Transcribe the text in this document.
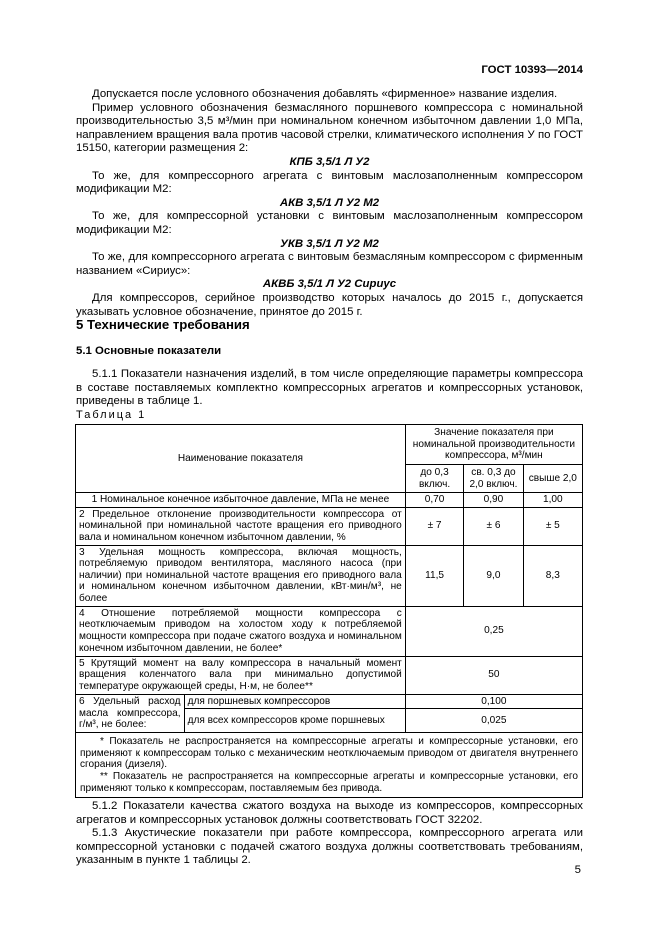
ГОСТ 10393—2014

Допускается после условного обозначения добавлять «фирменное» название изделия.

Пример условного обозначения безмасляного поршневого компрессора с номинальной производительностью 3,5 м³/мин при номинальном конечном избыточном давлении 1,0 МПа, направлением вращения вала против часовой стрелки, климатического исполнения У по ГОСТ 15150, категории размещения 2:

КПБ 3,5/1 Л У2

То же, для компрессорного агрегата с винтовым маслозаполненным компрессором модификации М2:

АКВ 3,5/1 Л У2 М2

То же, для компрессорной установки с винтовым маслозаполненным компрессором модификации М2:

УКВ 3,5/1 Л У2 М2

То же, для компрессорного агрегата с винтовым безмасляным компрессором с фирменным названием «Сириус»:

АКВБ 3,5/1 Л У2 Сириус

Для компрессоров, серийное производство которых началось до 2015 г., допускается указывать условное обозначение, принятое до 2015 г.

5 Технические требования
5.1 Основные показатели

5.1.1 Показатели назначения изделий, в том числе определяющие параметры компрессора в составе поставляемых комплектно компрессорных агрегатов и компрессорных установок, приведены в таблице 1.

Таблица 1
Наименование показателя		Значение показателя при номинальной производительности компрессора, м³/мин		
		до 0,3 включ.	св. 0,3 до 2,0 включ.	свыше 2,0
1 Номинальное конечное избыточное давление, МПа не менее		0,70	0,90	1,00
2 Предельное отклонение производительности компрессора от номинальной при номинальной частоте вращения его приводного вала и номинальном конечном избыточном давлении, %		± 7	± 6	± 5
3 Удельная мощность компрессора, включая мощность, потребляемую приводом вентилятора, масляного насоса (при наличии) при номинальной частоте вращения его приводного вала и номинальном конечном избыточном давлении, кВт·мин/м³, не более		11,5	9,0	8,3
4 Отношение потребляемой мощности компрессора с неотключаемым приводом на холостом ходу к потребляемой мощности компрессора при подаче сжатого воздуха и номинальном конечном избыточном давлении, не более*		0,25		
5 Крутящий момент на валу компрессора в начальный момент вращения коленчатого вала при минимально допустимой температуре окружающей среды, Н·м, не более**		50		
6 Удельный расход масла компрессора, г/м³, не более:	для поршневых компрессоров	0,100		
	для всех компрессоров кроме поршневых	0,025		

* Показатель не распространяется на компрессорные агрегаты и компрессорные установки, его применяют к компрессорам только с механическим неотключаемым приводом от двигателя внутреннего сгорания (дизеля).
** Показатель не распространяется на компрессорные агрегаты и компрессорные установки, его применяют только к компрессорам, поставляемым без привода.				

5.1.2 Показатели качества сжатого воздуха на выходе из компрессоров, компрессорных агрегатов и компрессорных установок должны соответствовать ГОСТ 32202.

5.1.3 Акустические показатели при работе компрессора, компрессорного агрегата или компрессорной установки с подачей сжатого воздуха должны соответствовать требованиям, указанным в пункте 1 таблицы 2.

5
